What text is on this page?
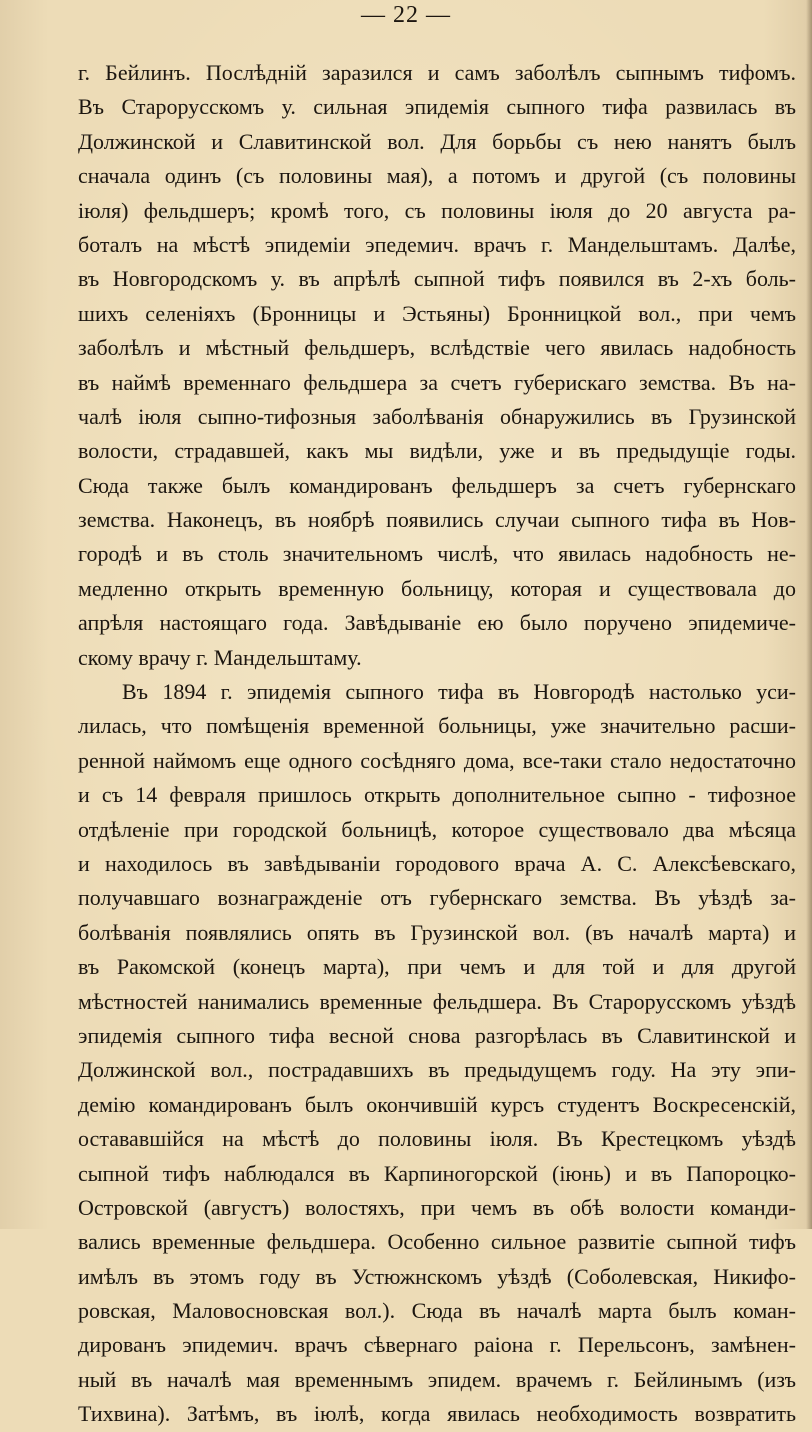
— 22 —
г. Бейлинъ. Послѣдній заразился и самъ заболѣлъ сыпнымъ тифомъ.
Въ Старорусскомъ у. сильная эпидемія сыпного тифа развилась въ
Должинской и Славитинской вол. Для борьбы съ нею нанятъ былъ
сначала одинъ (съ половины мая), а потомъ и другой (съ половины
іюля) фельдшеръ; кромѣ того, съ половины іюля до 20 августа ра-
боталъ на мѣстѣ эпидеміи эпедемич. врачъ г. Мандельштамъ. Далѣе,
въ Новгородскомъ у. въ апрѣлѣ сыпной тифъ появился въ 2-хъ боль-
шихъ селеніяхъ (Бронницы и Эстьяны) Бронницкой вол., при чемъ
заболѣлъ и мѣстный фельдшеръ, вслѣдствіе чего явилась надобность
въ наймѣ временнаго фельдшера за счетъ губерискаго земства. Въ на-
чалѣ іюля сыпно-тифозныя заболѣванія обнаружились въ Грузинской
волости, страдавшей, какъ мы видѣли, уже и въ предыдущіе годы.
Сюда также былъ командированъ фельдшеръ за счетъ губернскаго
земства. Наконецъ, въ ноябрѣ появились случаи сыпного тифа въ Нов-
городѣ и въ столь значительномъ числѣ, что явилась надобность не-
медленно открыть временную больницу, которая и существовала до
апрѣля настоящаго года. Завѣдываніе ею было поручено эпидемиче-
скому врачу г. Мандельштаму.
Въ 1894 г. эпидемія сыпного тифа въ Новгородѣ настолько уси-
лилась, что помѣщенія временной больницы, уже значительно расши-
ренной наймомъ еще одного сосѣдняго дома, все-таки стало недостаточно
и съ 14 февраля пришлось открыть дополнительное сыпно - тифозное
отдѣленіе при городской больницѣ, которое существовало два мѣсяца
и находилось въ завѣдываніи городового врача А. С. Алексѣевскаго,
получавшаго вознагражденіе отъ губернскаго земства. Въ уѣздѣ за-
болѣванія появлялись опять въ Грузинской вол. (въ началѣ марта) и
въ Ракомской (конецъ марта), при чемъ и для той и для другой
мѣстностей нанимались временные фельдшера. Въ Старорусскомъ уѣздѣ
эпидемія сыпного тифа весной снова разгорѣлась въ Славитинской и
Должинской вол., пострадавшихъ въ предыдущемъ году. На эту эпи-
демію командированъ былъ окончившій курсъ студентъ Воскресенскій,
остававшійся на мѣстѣ до половины іюля. Въ Крестецкомъ уѣздѣ
сыпной тифъ наблюдался въ Карпиногорской (іюнь) и въ Папороцко-
Островской (августъ) волостяхъ, при чемъ въ обѣ волости команди-
вались временные фельдшера. Особенно сильное развитіе сыпной тифъ
имѣлъ въ этомъ году въ Устюжнскомъ уѣздѣ (Соболевская, Никифо-
ровская, Маловосновская вол.). Сюда въ началѣ марта былъ коман-
дированъ эпидемич. врачъ сѣвернаго раіона г. Перельсонъ, замѣнен-
ный въ началѣ мая временнымъ эпидем. врачемъ г. Бейлинымъ (изъ
Тихвина). Затѣмъ, въ іюлѣ, когда явилась необходимость возвратить
